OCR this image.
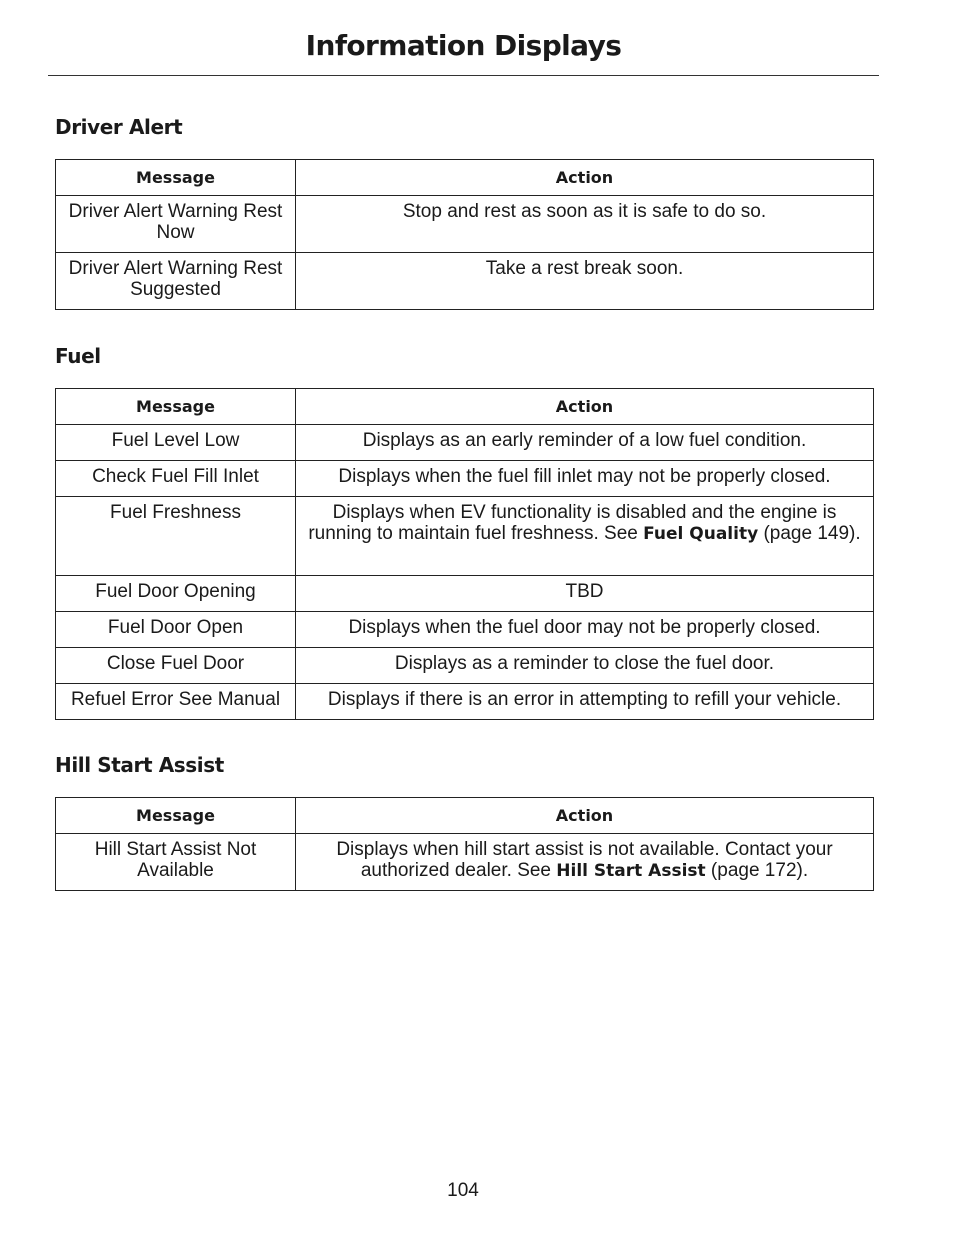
Information Displays
Driver Alert
Message	Action
Driver Alert Warning Rest Now	Stop and rest as soon as it is safe to do so.
Driver Alert Warning Rest Suggested	Take a rest break soon.
Fuel
Message	Action
Fuel Level Low	Displays as an early reminder of a low fuel condition.
Check Fuel Fill Inlet	Displays when the fuel fill inlet may not be properly closed.
Fuel Freshness	Displays when EV functionality is disabled and the engine is running to maintain fuel freshness. See Fuel Quality (page 149).
Fuel Door Opening	TBD
Fuel Door Open	Displays when the fuel door may not be properly closed.
Close Fuel Door	Displays as a reminder to close the fuel door.
Refuel Error See Manual	Displays if there is an error in attempting to refill your vehicle.
Hill Start Assist
Message	Action
Hill Start Assist Not Available	Displays when hill start assist is not available. Contact your authorized dealer. See Hill Start Assist (page 172).
104
